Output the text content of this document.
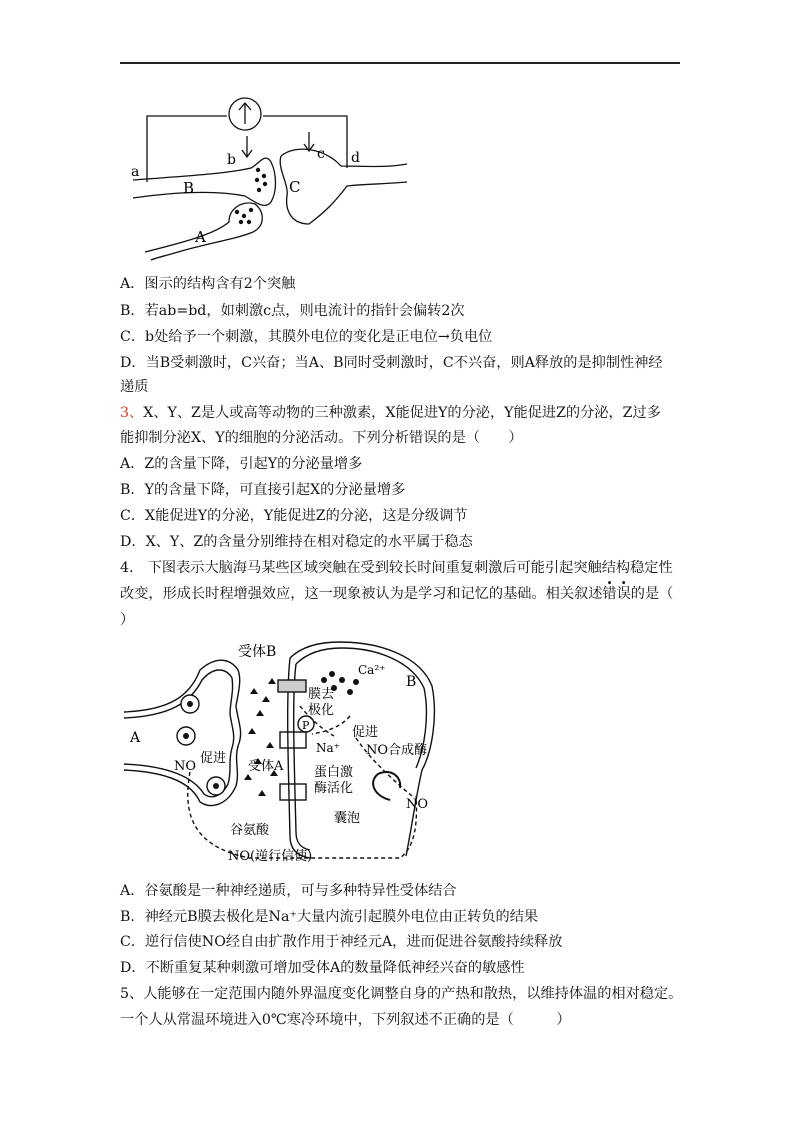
a
b	c d
B	C
A
A．图示的结构含有2个突触
B．若ab=bd，如刺激c点，则电流计的指针会偏转2次
C．b处给予一个刺激，其膜外电位的变化是正电位→负电位
D．当B受刺激时，C兴奋；当A、B同时受刺激时，C不兴奋，则A释放的是抑制性神经
递质
3、X、Y、Z是人或高等动物的三种激素，X能促进Y的分泌，Y能促进Z的分泌，Z过多
能抑制分泌X、Y的细胞的分泌活动。下列分析错误的是（　　）
A．Z的含量下降，引起Y的分泌量增多
B．Y的含量下降，可直接引起X的分泌量增多
C．X能促进Y的分泌，Y能促进Z的分泌，这是分级调节
D．X、Y、Z的含量分别维持在相对稳定的水平属于稳态
4.　下图表示大脑海马某些区域突触在受到较长时间重复刺激后可能引起突触结构稳定性
改变，形成长时程增强效应，这一现象被认为是学习和记忆的基础。相关叙述错误的是（
）
受体B
Ca²⁺
B
A
膜去
极化
P	促进
NO合成酶
Na⁺
促进
NO	受体A 蛋白激
酶活化
NO
囊泡
谷氨酸
NO(逆行信使)
A．谷氨酸是一种神经递质，可与多种特异性受体结合
B．神经元B膜去极化是Na⁺大量内流引起膜外电位由正转负的结果
C．逆行信使NO经自由扩散作用于神经元A，进而促进谷氨酸持续释放
D．不断重复某种刺激可增加受体A的数量降低神经兴奋的敏感性
5、人能够在一定范围内随外界温度变化调整自身的产热和散热，以维持体温的相对稳定。
一个人从常温环境进入0℃寒冷环境中，下列叙述不正确的是（　　　）
